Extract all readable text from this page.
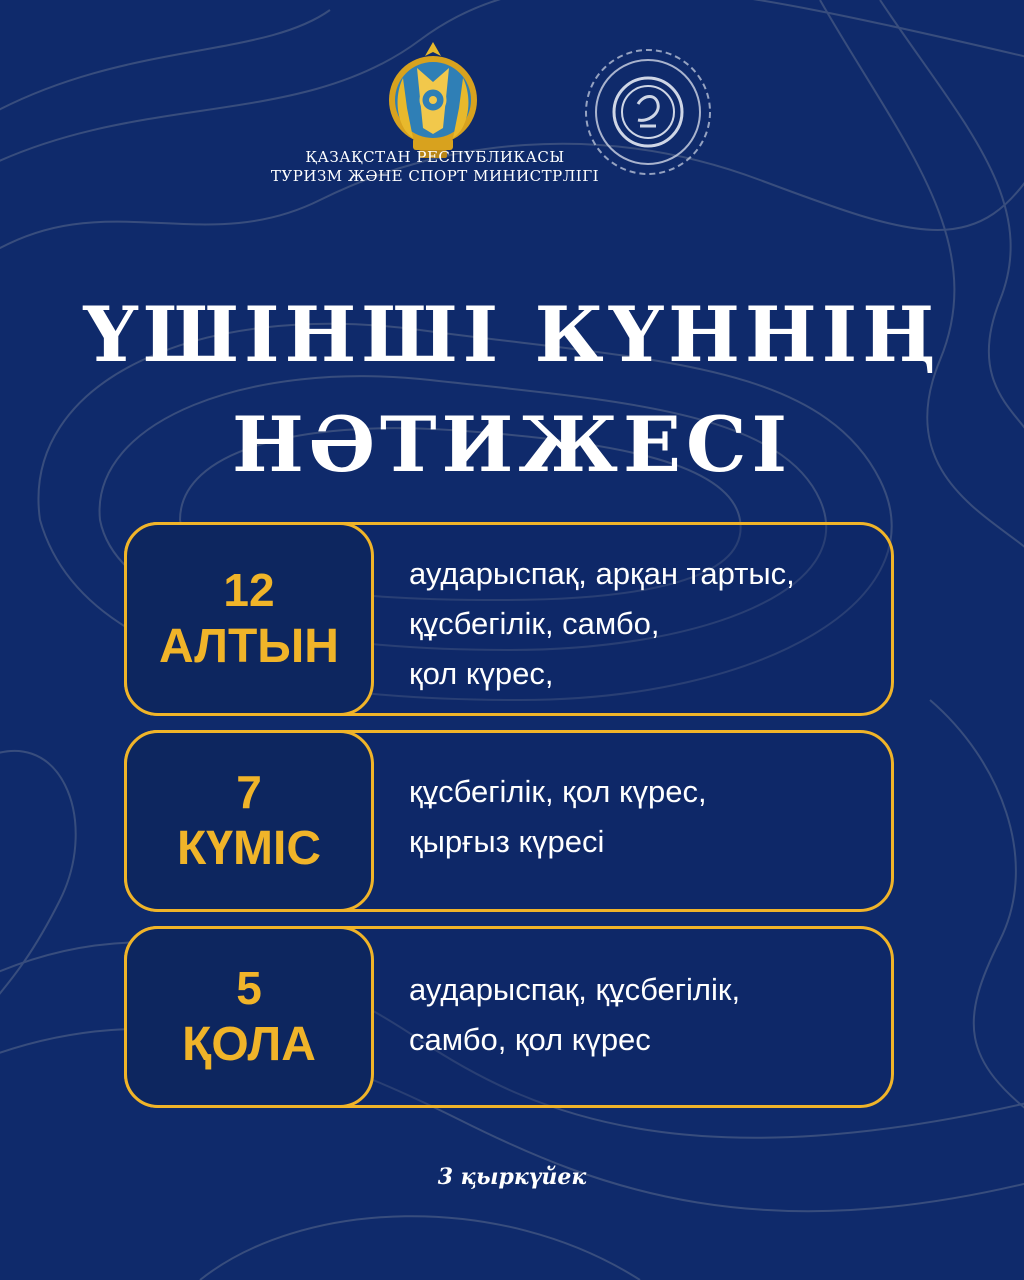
ҚАЗАҚСТАН РЕСПУБЛИКАСЫ
ТУРИЗМ ЖӘНЕ СПОРТ МИНИСТРЛІГІ
ҮШІНШІ КҮННІҢ
НӘТИЖЕСІ
12
АЛТЫН
аударыспақ, арқан тартыс,
құсбегілік, самбо,
қол күрес,
7
КҮМІС
құсбегілік, қол күрес,
қырғыз күресі
5
ҚОЛА
аударыспақ, құсбегілік,
самбо, қол күрес
3 қыркүйек
